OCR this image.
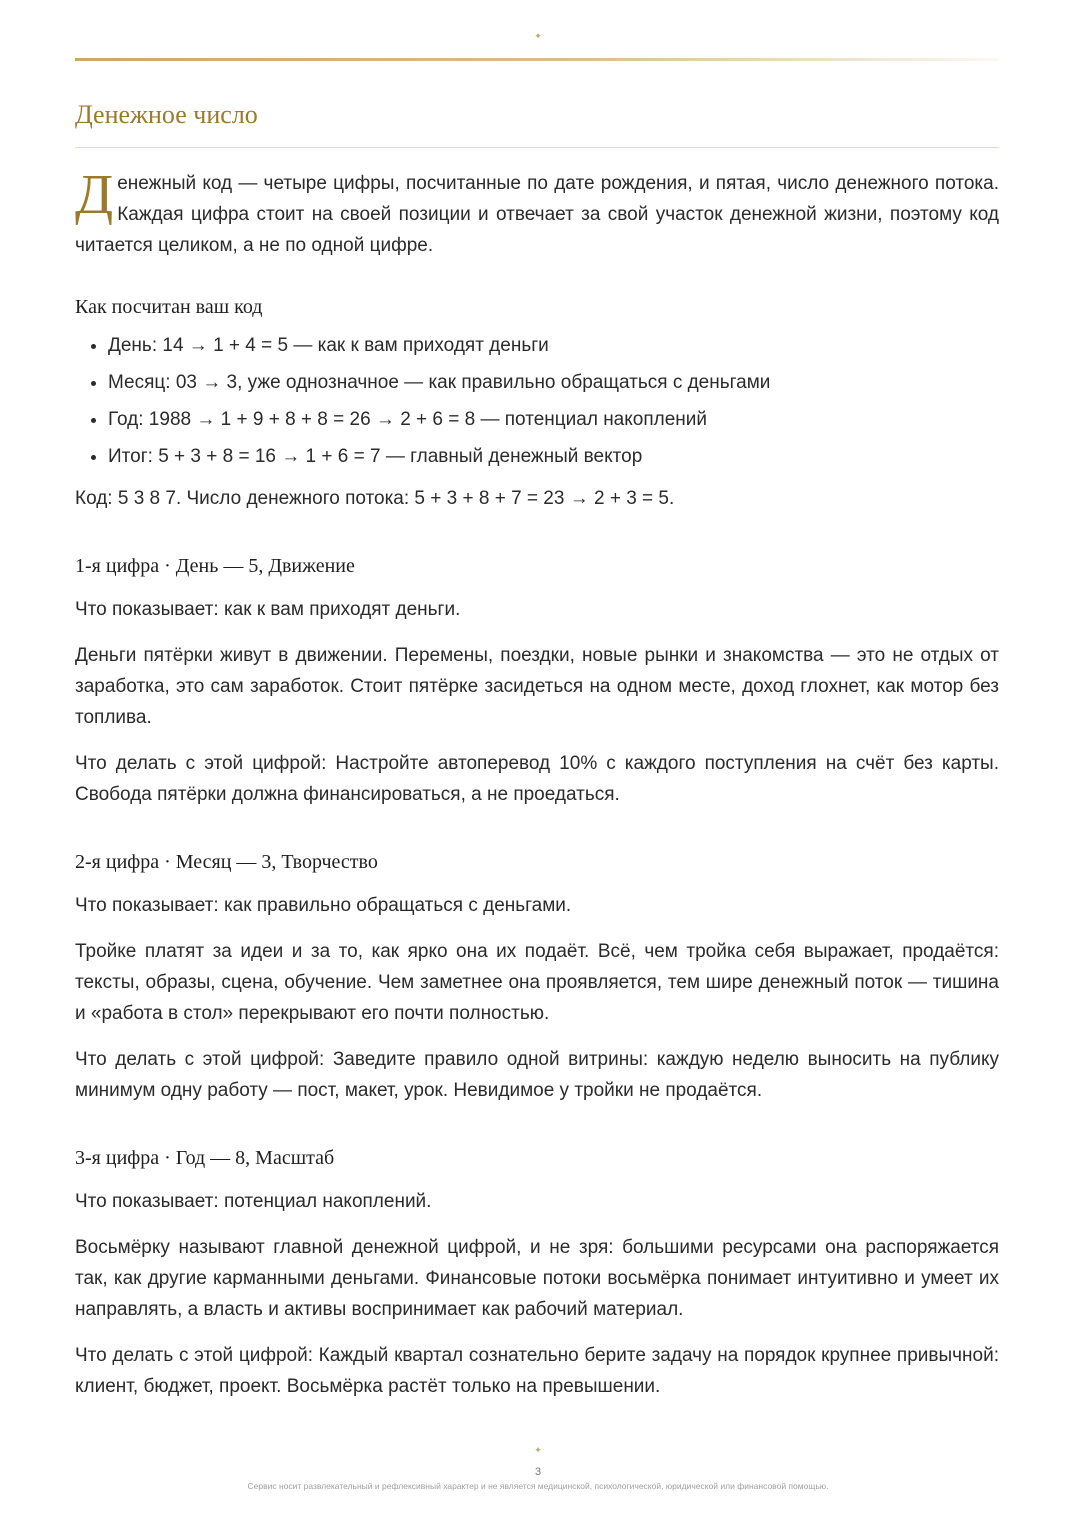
✦
Денежное число

Денежный код — четыре цифры, посчитанные по дате рождения, и пятая, число денежного потока. Каждая цифра стоит на своей позиции и отвечает за свой участок денежной жизни, поэтому код читается целиком, а не по одной цифре.

Как посчитан ваш код
• День: 14 → 1 + 4 = 5 — как к вам приходят деньги
• Месяц: 03 → 3, уже однозначное — как правильно обращаться с деньгами
• Год: 1988 → 1 + 9 + 8 + 8 = 26 → 2 + 6 = 8 — потенциал накоплений
• Итог: 5 + 3 + 8 = 16 → 1 + 6 = 7 — главный денежный вектор

Код: 5 3 8 7. Число денежного потока: 5 + 3 + 8 + 7 = 23 → 2 + 3 = 5.

1-я цифра · День — 5, Движение

Что показывает: как к вам приходят деньги.

Деньги пятёрки живут в движении. Перемены, поездки, новые рынки и знакомства — это не отдых от заработка, это сам заработок. Стоит пятёрке засидеться на одном месте, доход глохнет, как мотор без топлива.

Что делать с этой цифрой: Настройте автоперевод 10% с каждого поступления на счёт без карты. Свобода пятёрки должна финансироваться, а не проедаться.

2-я цифра · Месяц — 3, Творчество

Что показывает: как правильно обращаться с деньгами.

Тройке платят за идеи и за то, как ярко она их подаёт. Всё, чем тройка себя выражает, продаётся: тексты, образы, сцена, обучение. Чем заметнее она проявляется, тем шире денежный поток — тишина и «работа в стол» перекрывают его почти полностью.

Что делать с этой цифрой: Заведите правило одной витрины: каждую неделю выносить на публику минимум одну работу — пост, макет, урок. Невидимое у тройки не продаётся.

3-я цифра · Год — 8, Масштаб

Что показывает: потенциал накоплений.

Восьмёрку называют главной денежной цифрой, и не зря: большими ресурсами она распоряжается так, как другие карманными деньгами. Финансовые потоки восьмёрка понимает интуитивно и умеет их направлять, а власть и активы воспринимает как рабочий материал.

Что делать с этой цифрой: Каждый квартал сознательно берите задачу на порядок крупнее привычной: клиент, бюджет, проект. Восьмёрка растёт только на превышении.

✦
3
Сервис носит развлекательный и рефлексивный характер и не является медицинской, психологической, юридической или финансовой помощью.
